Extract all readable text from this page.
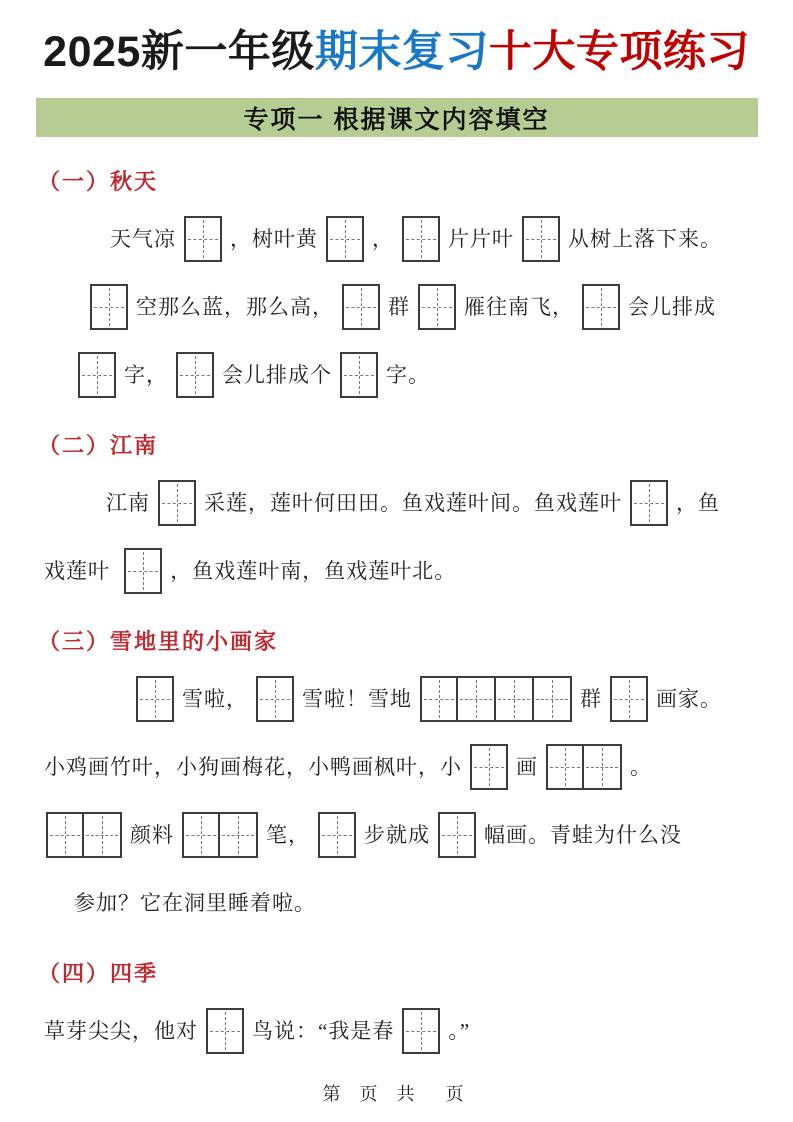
2025新一年级期末复习十大专项练习
专项一 根据课文内容填空
（一）秋天
天气凉	，树叶黄	，	片片叶	从树上落下来。
空那么蓝，那么高，	群	雁往南飞，	会儿排成
字，	会儿排成个	字。
（二）江南
江南	采莲，莲叶何田田。鱼戏莲叶间。鱼戏莲叶	，鱼
戏莲叶	，鱼戏莲叶南，鱼戏莲叶北。
（三）雪地里的小画家
雪啦，	雪啦！雪地	群	画家。
小鸡画竹叶，小狗画梅花，小鸭画枫叶，小	画	。
颜料	笔，	步就成	幅画。青蛙为什么没
参加？它在洞里睡着啦。
（四）四季
草芽尖尖，他对	鸟说：“我是春	。”
第 页 共  页
